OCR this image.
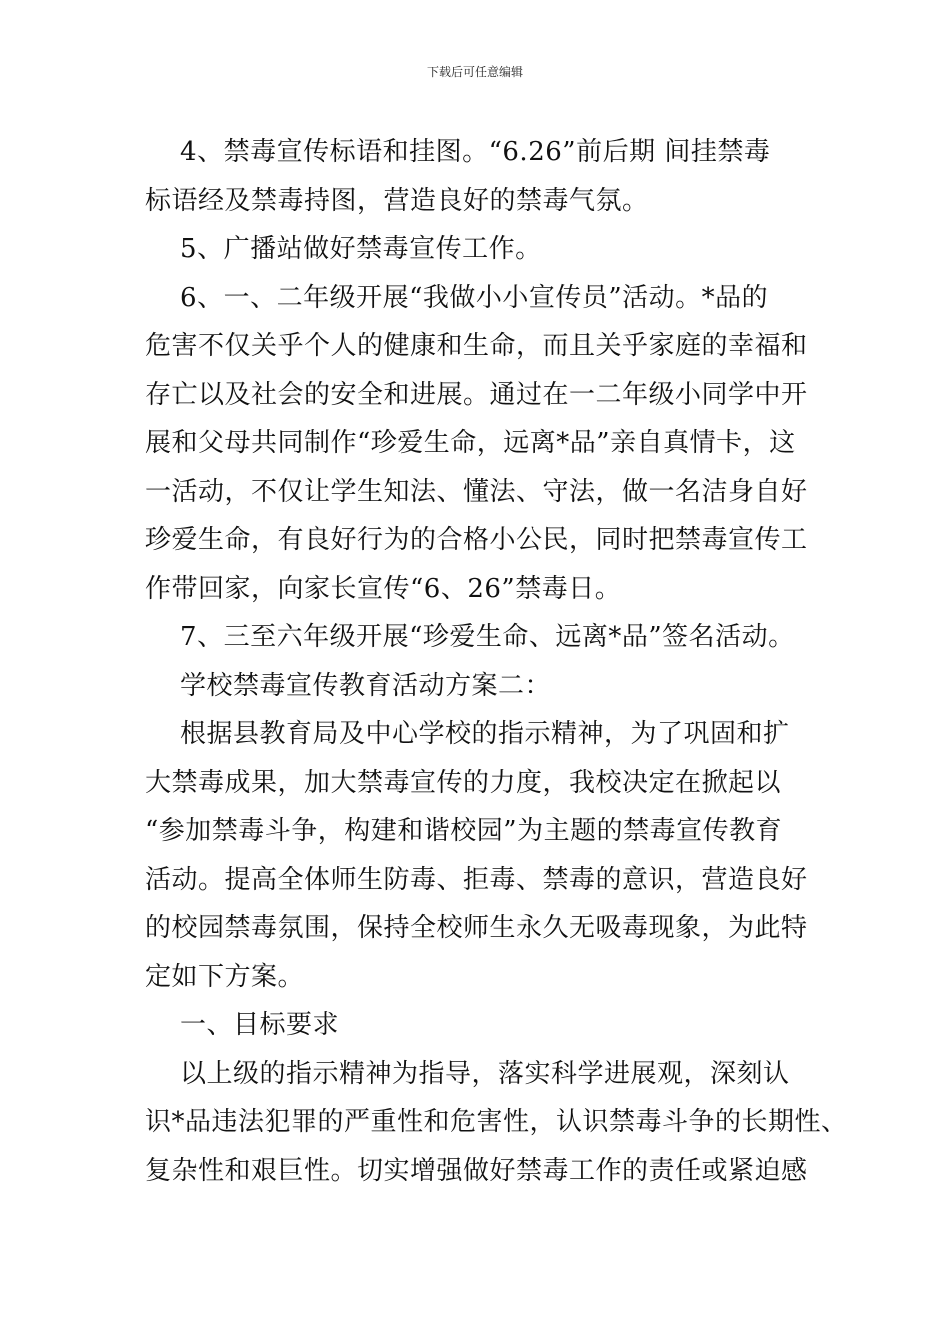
下载后可任意编辑

4、禁毒宣传标语和挂图。“6.26”前后期 间挂禁毒

标语经及禁毒持图，营造良好的禁毒气氛。

5、广播站做好禁毒宣传工作。

6、一、二年级开展“我做小小宣传员”活动。*品的

危害不仅关乎个人的健康和生命，而且关乎家庭的幸福和

存亡以及社会的安全和进展。通过在一二年级小同学中开

展和父母共同制作“珍爱生命，远离*品”亲自真情卡，这

一活动，不仅让学生知法、懂法、守法，做一名洁身自好

珍爱生命，有良好行为的合格小公民，同时把禁毒宣传工

作带回家，向家长宣传“6、26”禁毒日。

7、三至六年级开展“珍爱生命、远离*品”签名活动。

学校禁毒宣传教育活动方案二：

根据县教育局及中心学校的指示精神，为了巩固和扩

大禁毒成果，加大禁毒宣传的力度，我校决定在掀起以

“参加禁毒斗争，构建和谐校园”为主题的禁毒宣传教育

活动。提高全体师生防毒、拒毒、禁毒的意识，营造良好

的校园禁毒氛围，保持全校师生永久无吸毒现象，为此特

定如下方案。

一、目标要求

以上级的指示精神为指导，落实科学进展观，深刻认

识*品违法犯罪的严重性和危害性，认识禁毒斗争的长期性、

复杂性和艰巨性。切实增强做好禁毒工作的责任或紧迫感
